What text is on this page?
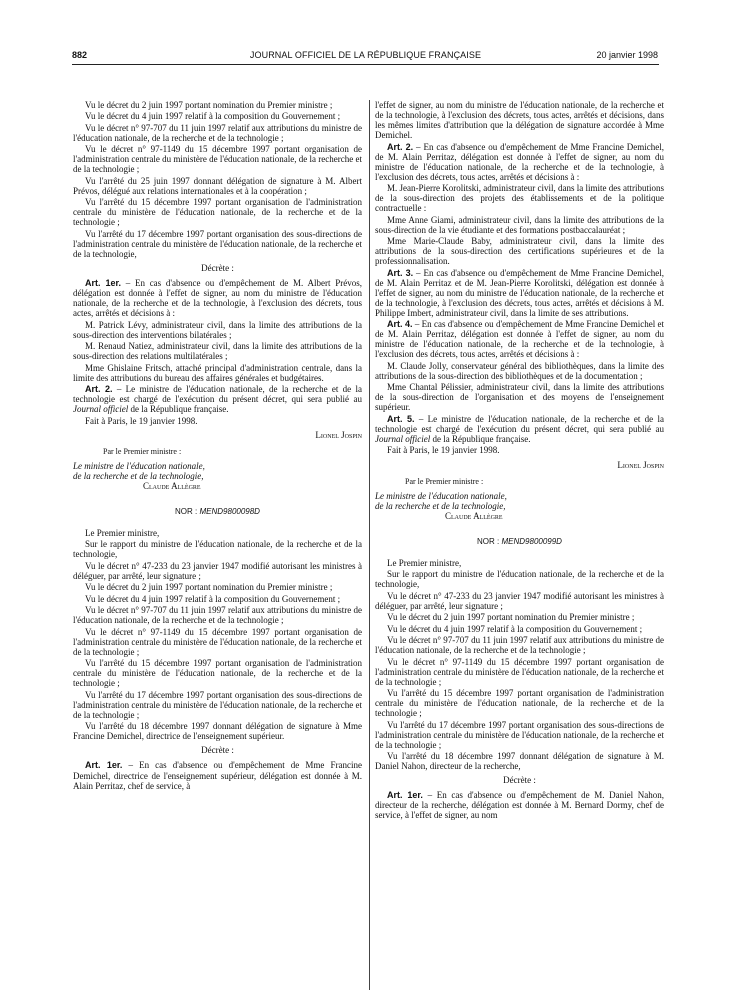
882	JOURNAL OFFICIEL DE LA RÉPUBLIQUE FRANÇAISE	20 janvier 1998

Vu le décret du 2 juin 1997 portant nomination du Premier ministre ;

Vu le décret du 4 juin 1997 relatif à la composition du Gouvernement ;

Vu le décret n° 97-707 du 11 juin 1997 relatif aux attributions du ministre de l'éducation nationale, de la recherche et de la technologie ;

Vu le décret n° 97-1149 du 15 décembre 1997 portant organisation de l'administration centrale du ministère de l'éducation nationale, de la recherche et de la technologie ;

Vu l'arrêté du 25 juin 1997 donnant délégation de signature à M. Albert Prévos, délégué aux relations internationales et à la coopération ;

Vu l'arrêté du 15 décembre 1997 portant organisation de l'administration centrale du ministère de l'éducation nationale, de la recherche et de la technologie ;

Vu l'arrêté du 17 décembre 1997 portant organisation des sous-directions de l'administration centrale du ministère de l'éducation nationale, de la recherche et de la technologie,

Décrète :

Art. 1er. – En cas d'absence ou d'empêchement de M. Albert Prévos, délégation est donnée à l'effet de signer, au nom du ministre de l'éducation nationale, de la recherche et de la technologie, à l'exclusion des décrets, tous actes, arrêtés et décisions à :

M. Patrick Lévy, administrateur civil, dans la limite des attributions de la sous-direction des interventions bilatérales ;

M. Renaud Natiez, administrateur civil, dans la limite des attributions de la sous-direction des relations multilatérales ;

Mme Ghislaine Fritsch, attaché principal d'administration centrale, dans la limite des attributions du bureau des affaires générales et budgétaires.

Art. 2. – Le ministre de l'éducation nationale, de la recherche et de la technologie est chargé de l'exécution du présent décret, qui sera publié au Journal officiel de la République française.

Fait à Paris, le 19 janvier 1998.

Lionel Jospin

Par le Premier ministre :

Le ministre de l'éducation nationale,

de la recherche et de la technologie,

Claude Allègre

NOR : MEND9800098D

Le Premier ministre,

Sur le rapport du ministre de l'éducation nationale, de la recherche et de la technologie,

Vu le décret n° 47-233 du 23 janvier 1947 modifié autorisant les ministres à déléguer, par arrêté, leur signature ;

Vu le décret du 2 juin 1997 portant nomination du Premier ministre ;

Vu le décret du 4 juin 1997 relatif à la composition du Gouvernement ;

Vu le décret n° 97-707 du 11 juin 1997 relatif aux attributions du ministre de l'éducation nationale, de la recherche et de la technologie ;

Vu le décret n° 97-1149 du 15 décembre 1997 portant organisation de l'administration centrale du ministère de l'éducation nationale, de la recherche et de la technologie ;

Vu l'arrêté du 15 décembre 1997 portant organisation de l'administration centrale du ministère de l'éducation nationale, de la recherche et de la technologie ;

Vu l'arrêté du 17 décembre 1997 portant organisation des sous-directions de l'administration centrale du ministère de l'éducation nationale, de la recherche et de la technologie ;

Vu l'arrêté du 18 décembre 1997 donnant délégation de signature à Mme Francine Demichel, directrice de l'enseignement supérieur.

Décrète :

Art. 1er. – En cas d'absence ou d'empêchement de Mme Francine Demichel, directrice de l'enseignement supérieur, délégation est donnée à M. Alain Perritaz, chef de service, à

l'effet de signer, au nom du ministre de l'éducation nationale, de la recherche et de la technologie, à l'exclusion des décrets, tous actes, arrêtés et décisions, dans les mêmes limites d'attribution que la délégation de signature accordée à Mme Demichel.

Art. 2. – En cas d'absence ou d'empêchement de Mme Francine Demichel, de M. Alain Perritaz, délégation est donnée à l'effet de signer, au nom du ministre de l'éducation nationale, de la recherche et de la technologie, à l'exclusion des décrets, tous actes, arrêtés et décisions à :

M. Jean-Pierre Korolitski, administrateur civil, dans la limite des attributions de la sous-direction des projets des établissements et de la politique contractuelle :

Mme Anne Giami, administrateur civil, dans la limite des attributions de la sous-direction de la vie étudiante et des formations postbaccalauréat ;

Mme Marie-Claude Baby, administrateur civil, dans la limite des attributions de la sous-direction des certifications supérieures et de la professionnalisation.

Art. 3. – En cas d'absence ou d'empêchement de Mme Francine Demichel, de M. Alain Perritaz et de M. Jean-Pierre Korolitski, délégation est donnée à l'effet de signer, au nom du ministre de l'éducation nationale, de la recherche et de la technologie, à l'exclusion des décrets, tous actes, arrêtés et décisions à M. Philippe Imbert, administrateur civil, dans la limite de ses attributions.

Art. 4. – En cas d'absence ou d'empêchement de Mme Francine Demichel et de M. Alain Perritaz, délégation est donnée à l'effet de signer, au nom du ministre de l'éducation nationale, de la recherche et de la technologie, à l'exclusion des décrets, tous actes, arrêtés et décisions à :

M. Claude Jolly, conservateur général des bibliothèques, dans la limite des attributions de la sous-direction des bibliothèques et de la documentation ;

Mme Chantal Pélissier, administrateur civil, dans la limite des attributions de la sous-direction de l'organisation et des moyens de l'enseignement supérieur.

Art. 5. – Le ministre de l'éducation nationale, de la recherche et de la technologie est chargé de l'exécution du présent décret, qui sera publié au Journal officiel de la République française.

Fait à Paris, le 19 janvier 1998.

Lionel Jospin

Par le Premier ministre :

Le ministre de l'éducation nationale,

de la recherche et de la technologie,

Claude Allègre

NOR : MEND9800099D

Le Premier ministre,

Sur le rapport du ministre de l'éducation nationale, de la recherche et de la technologie,

Vu le décret n° 47-233 du 23 janvier 1947 modifié autorisant les ministres à déléguer, par arrêté, leur signature ;

Vu le décret du 2 juin 1997 portant nomination du Premier ministre ;

Vu le décret du 4 juin 1997 relatif à la composition du Gouvernement ;

Vu le décret n° 97-707 du 11 juin 1997 relatif aux attributions du ministre de l'éducation nationale, de la recherche et de la technologie ;

Vu le décret n° 97-1149 du 15 décembre 1997 portant organisation de l'administration centrale du ministère de l'éducation nationale, de la recherche et de la technologie ;

Vu l'arrêté du 15 décembre 1997 portant organisation de l'administration centrale du ministère de l'éducation nationale, de la recherche et de la technologie ;

Vu l'arrêté du 17 décembre 1997 portant organisation des sous-directions de l'administration centrale du ministère de l'éducation nationale, de la recherche et de la technologie ;

Vu l'arrêté du 18 décembre 1997 donnant délégation de signature à M. Daniel Nahon, directeur de la recherche,

Décrète :

Art. 1er. – En cas d'absence ou d'empêchement de M. Daniel Nahon, directeur de la recherche, délégation est donnée à M. Bernard Dormy, chef de service, à l'effet de signer, au nom
